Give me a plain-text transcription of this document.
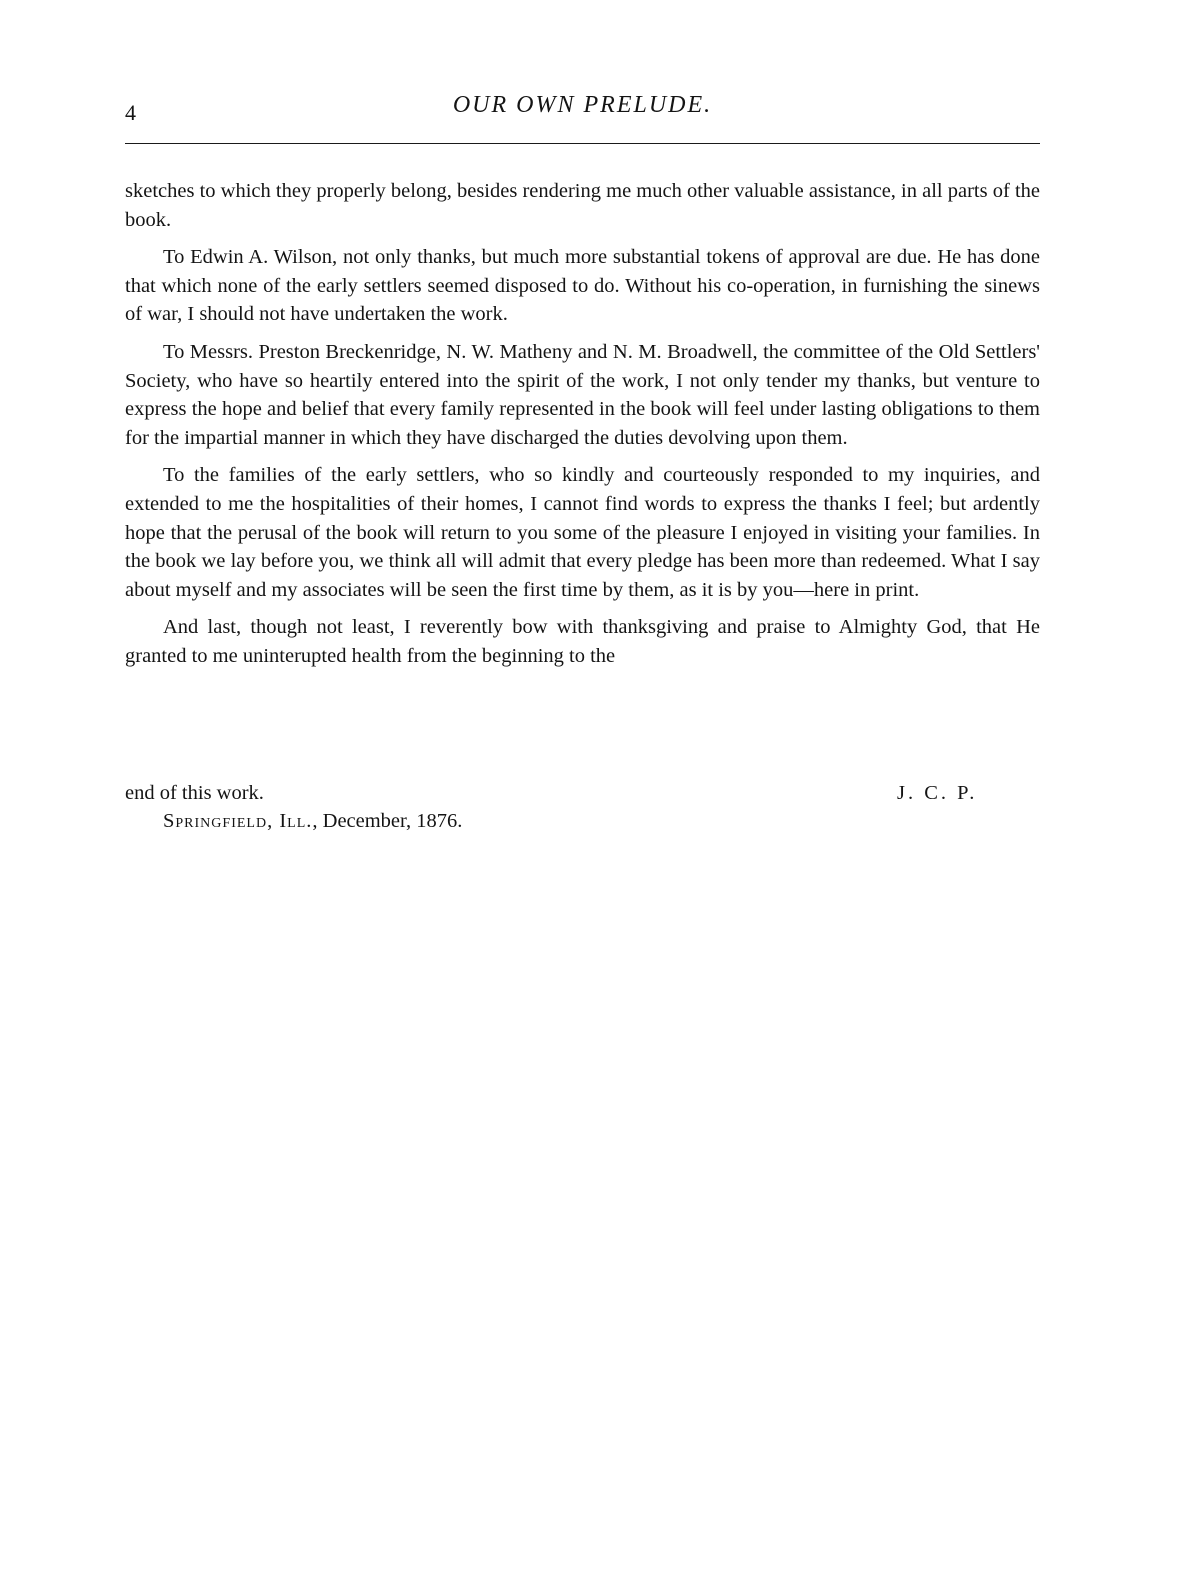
4	OUR OWN PRELUDE.

sketches to which they properly belong, besides rendering me much other valuable assistance, in all parts of the book.

To Edwin A. Wilson, not only thanks, but much more substantial tokens of approval are due. He has done that which none of the early settlers seemed disposed to do. Without his co-operation, in furnishing the sinews of war, I should not have undertaken the work.

To Messrs. Preston Breckenridge, N. W. Matheny and N. M. Broadwell, the committee of the Old Settlers' Society, who have so heartily entered into the spirit of the work, I not only tender my thanks, but venture to express the hope and belief that every family represented in the book will feel under lasting obligations to them for the impartial manner in which they have discharged the duties devolving upon them.

To the families of the early settlers, who so kindly and courteously responded to my inquiries, and extended to me the hospitalities of their homes, I cannot find words to express the thanks I feel; but ardently hope that the perusal of the book will return to you some of the pleasure I enjoyed in visiting your families. In the book we lay before you, we think all will admit that every pledge has been more than redeemed. What I say about myself and my associates will be seen the first time by them, as it is by you—here in print.

And last, though not least, I reverently bow with thanksgiving and praise to Almighty God, that He granted to me uninterupted health from the beginning to the

end of this work.	J. C. P.
Springfield, Ill., December, 1876.
